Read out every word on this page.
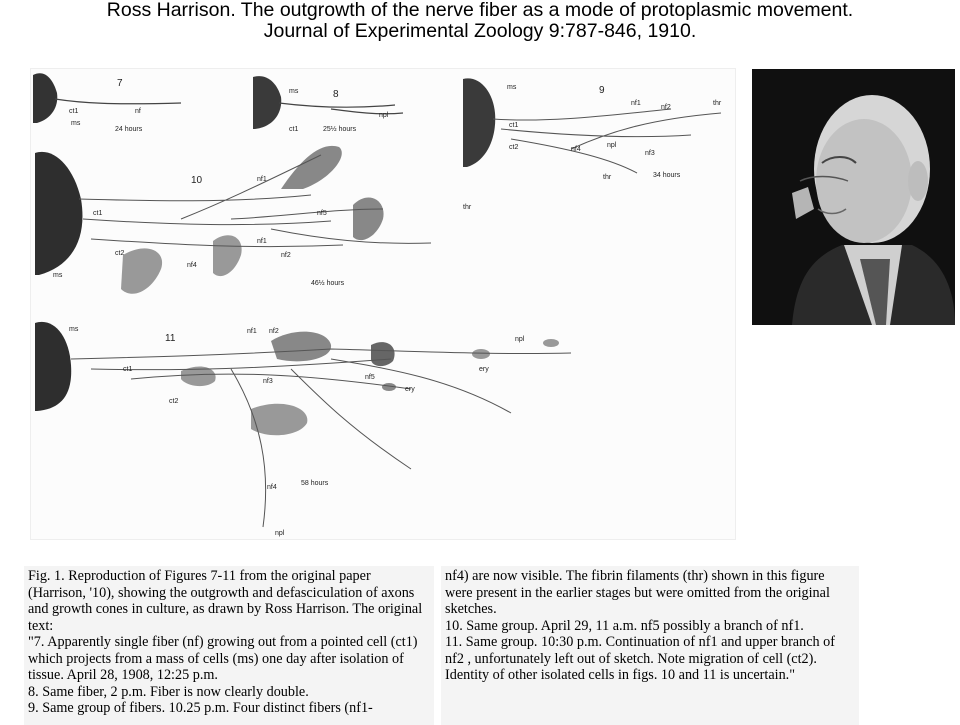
Ross Harrison. The outgrowth of the nerve fiber as a mode of protoplasmic movement.
Journal of Experimental Zoology 9:787-846, 1910.
7
ct1	nf
ms
24 hours
8
ms
ct1
npl
25½ hours
9
ms
nf1
nf2
thr
ct1
ct2	nf4
npl
nf3
thr	34 hours
10	nf1
nf5
thr
ct1
ct2
nf4
nf1
nf2
ms
46½ hours
11
ms	nf1 nf2
npl
ct1
nf3
nf5
ery
ery
ct2
nf4
npl
58 hours

Fig. 1. Reproduction of Figures 7-11 from the original paper (Harrison, '10), showing the outgrowth and defasciculation of axons and growth cones in culture, as drawn by Ross Harrison. The original text:

"7. Apparently single fiber (nf) growing out from a pointed cell (ct1) which projects from a mass of cells (ms) one day after isolation of tissue. April 28, 1908, 12:25 p.m.

8. Same fiber, 2 p.m. Fiber is now clearly double.

9. Same group of fibers. 10.25 p.m. Four distinct fibers (nf1-

nf4) are now visible. The fibrin filaments (thr) shown in this figure were present in the earlier stages but were omitted from the original sketches.

10. Same group. April 29, 11 a.m. nf5 possibly a branch of nf1.

11. Same group. 10:30 p.m. Continuation of nf1 and upper branch of nf2 , unfortunately left out of sketch. Note migration of cell (ct2). Identity of other isolated cells in figs. 10 and 11 is uncertain."
